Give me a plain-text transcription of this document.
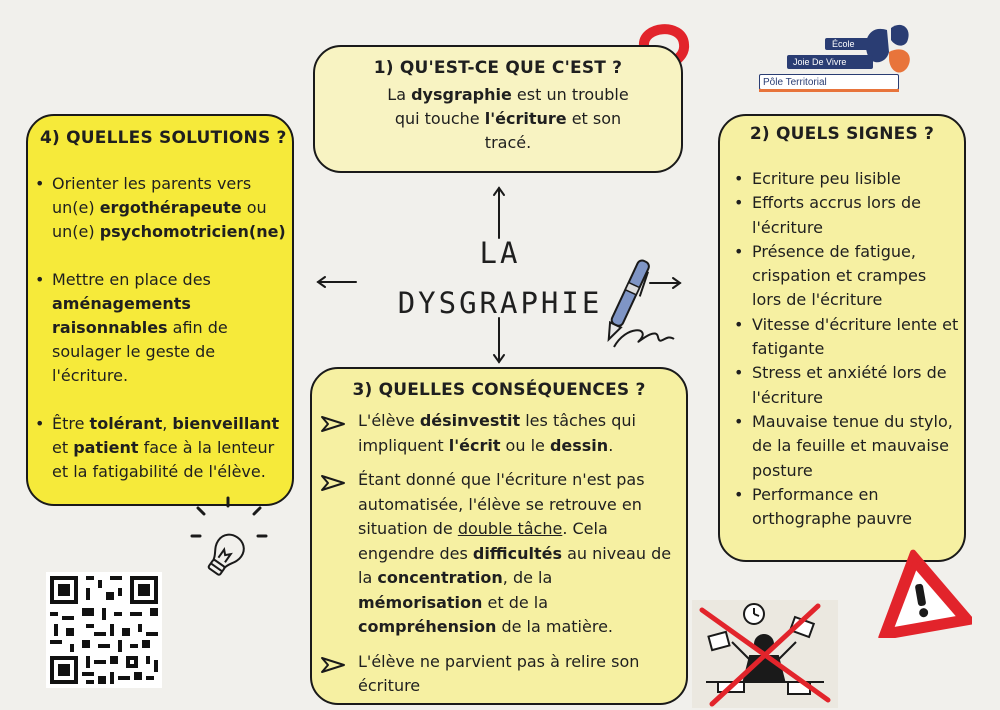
LA
DYSGRAPHIE
École
Joie De Vivre
Pôle Territorial
1) QU'EST-CE QUE C'EST ?
La dysgraphie est un trouble qui touche l'écriture et son tracé.
4) QUELLES SOLUTIONS ?
• Orienter les parents vers un(e) ergothérapeute ou un(e) psychomotricien(ne)
• Mettre en place des aménagements raisonnables afin de soulager le geste de l'écriture.
• Être tolérant, bienveillant et patient face à la lenteur et la fatigabilité de l'élève.
2) QUELS SIGNES ?
• Ecriture peu lisible
• Efforts accrus lors de l'écriture
• Présence de fatigue, crispation et crampes lors de l'écriture
• Vitesse d'écriture lente et fatigante
• Stress et anxiété lors de l'écriture
• Mauvaise tenue du stylo, de la feuille et mauvaise posture
• Performance en orthographe pauvre
3) QUELLES CONSÉQUENCES ?
L'élève désinvestit les tâches qui impliquent l'écrit ou le dessin.
Étant donné que l'écriture n'est pas automatisée, l'élève se retrouve en situation de double tâche. Cela engendre des difficultés au niveau de la concentration, de la mémorisation et de la compréhension de la matière.
L'élève ne parvient pas à relire son écriture
